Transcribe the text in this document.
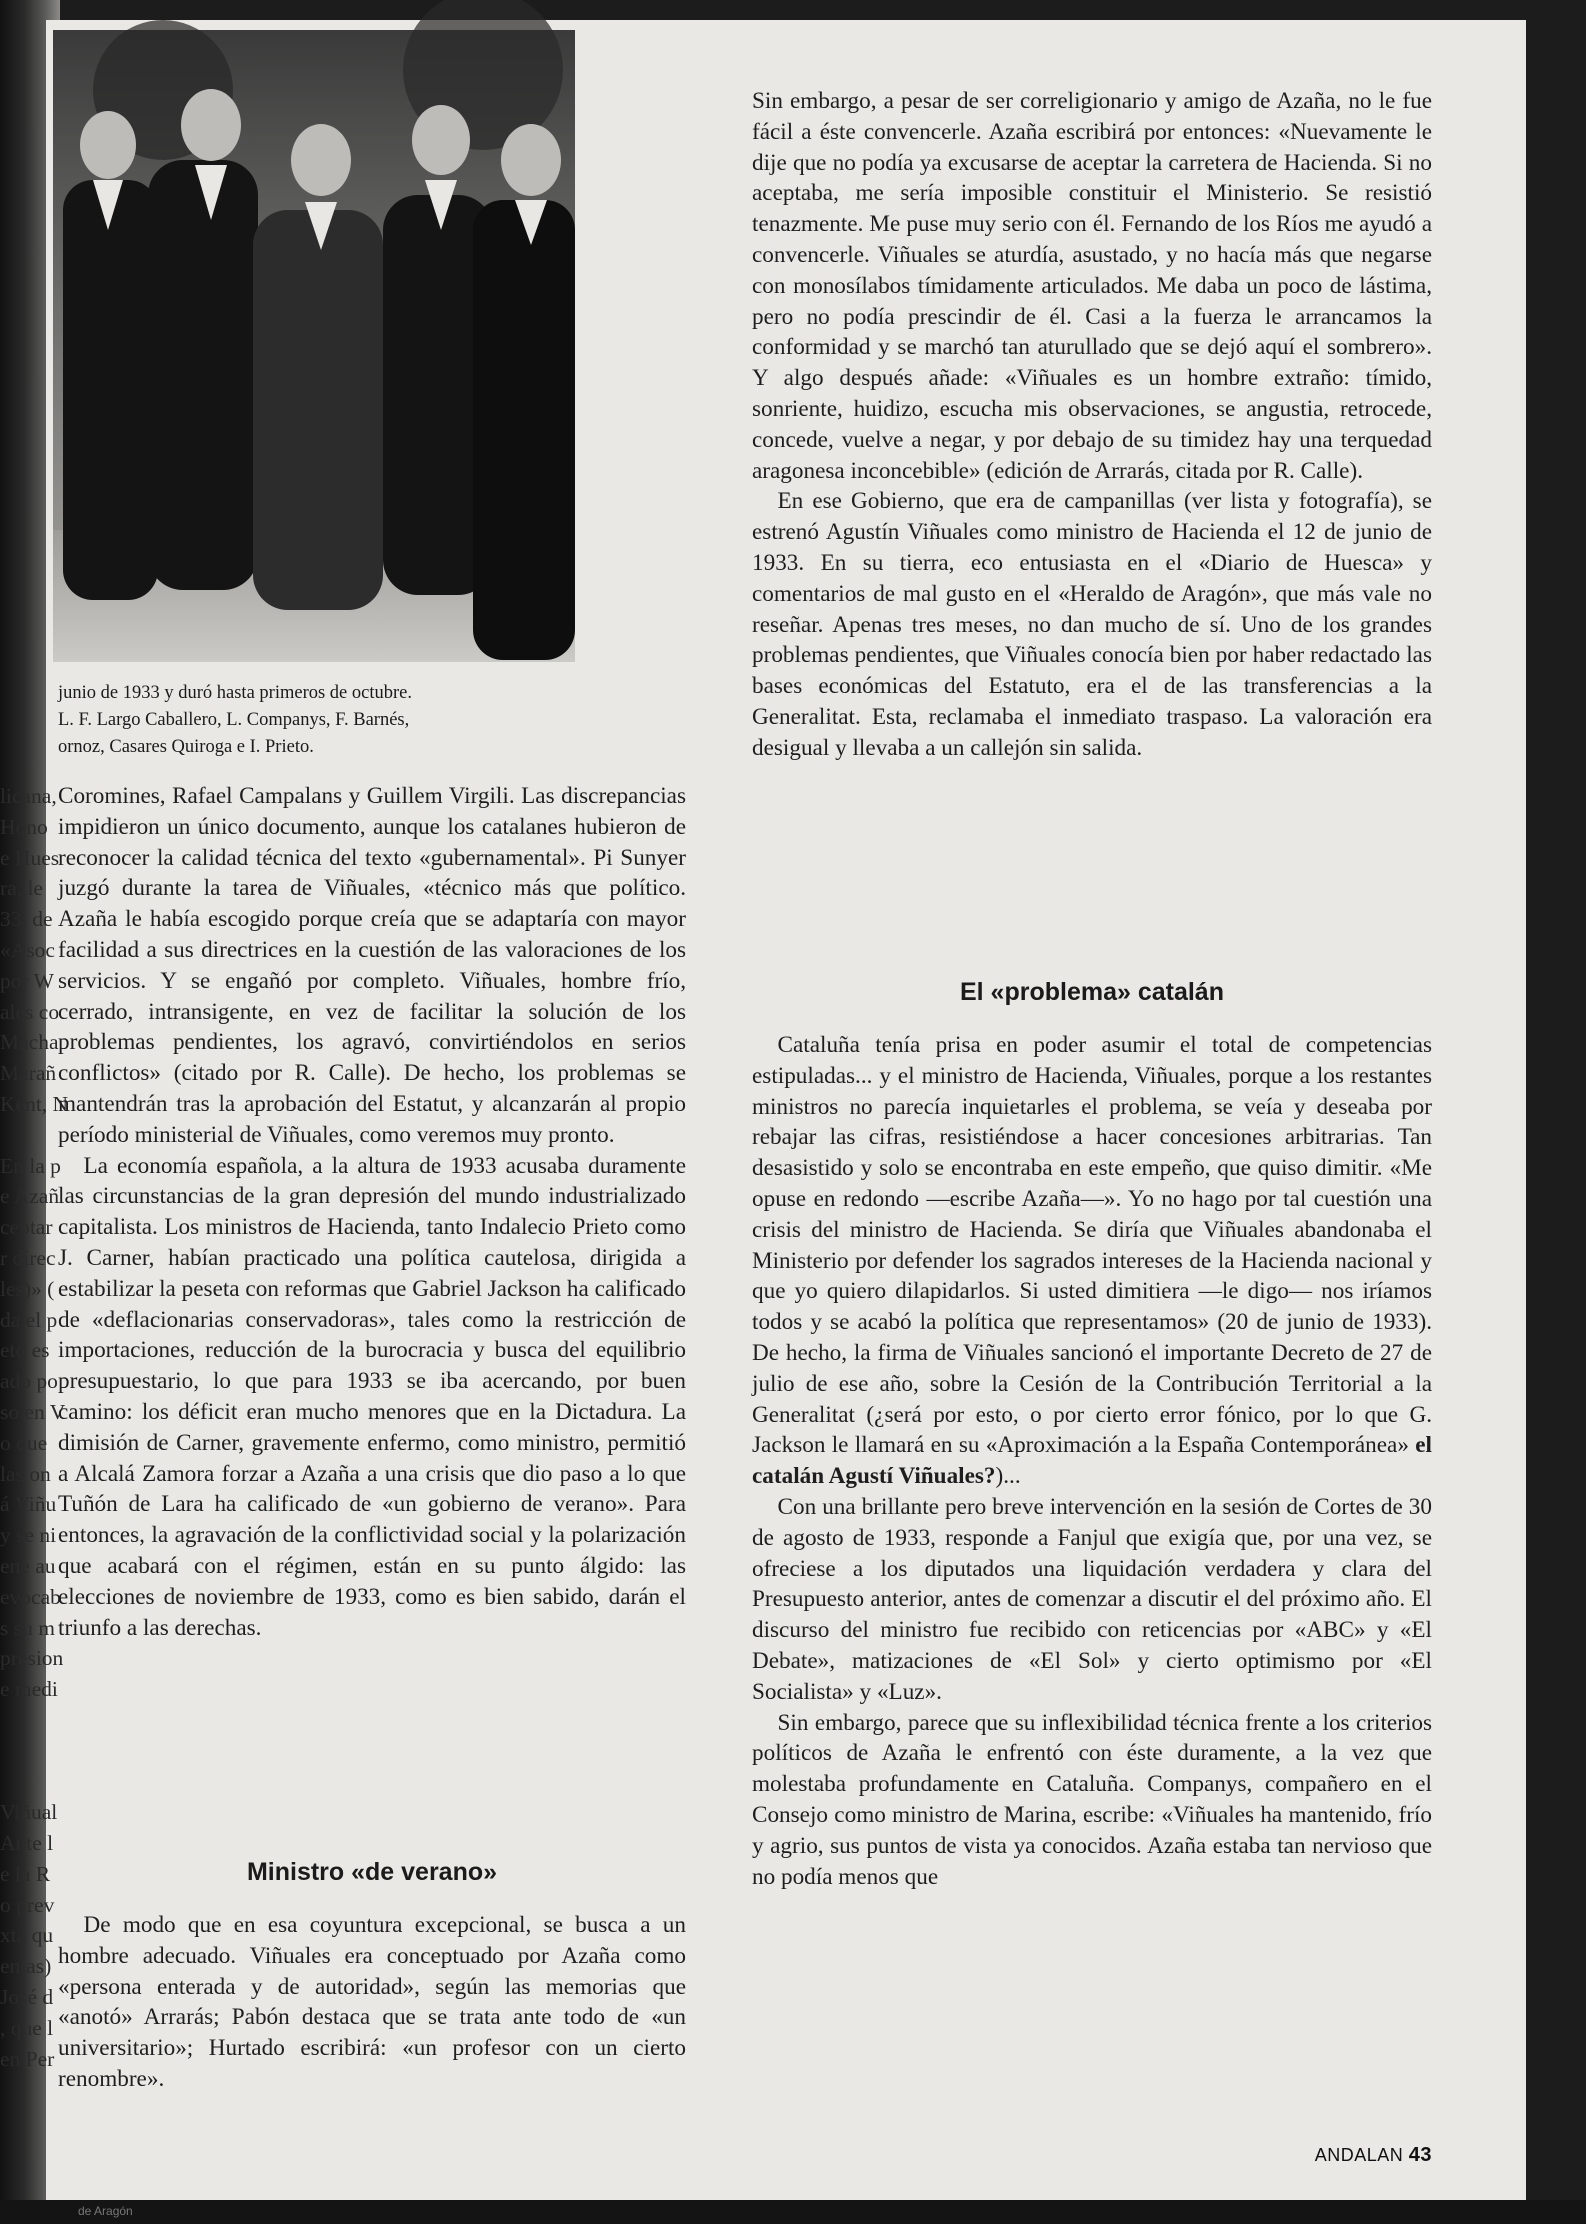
licana,
Hono
e Hues
ra, le
33, de
«Asoc
por W
ales co
Macha
Marañ
Kent, N
En la p
e Azañ
ceptar
r direc
les)» (
da el p
eto es
ado po
so en V
o que
las on
á Viñu
y se ni
ene au
evocab
s su m
presion
e medi
Viñual
Ante l
e la R
o prev
xta qu
entas)
José d
, que l
en Per
junio de 1933 y duró hasta primeros de octubre.
L. F. Largo Caballero, L. Companys, F. Barnés,
ornoz, Casares Quiroga e I. Prieto.

Coromines, Rafael Campalans y Guillem Virgili. Las discrepancias impidieron un único documento, aunque los catalanes hubieron de reconocer la calidad técnica del texto «gubernamental». Pi Sunyer juzgó durante la tarea de Viñuales, «técnico más que político. Azaña le había escogido porque creía que se adaptaría con mayor facilidad a sus directrices en la cuestión de las valoraciones de los servicios. Y se engañó por completo. Viñuales, hombre frío, cerrado, intransigente, en vez de facilitar la solución de los problemas pendientes, los agravó, convirtiéndolos en serios conflictos» (citado por R. Calle). De hecho, los problemas se mantendrán tras la aprobación del Estatut, y alcanzarán al propio período ministerial de Viñuales, como veremos muy pronto.

La economía española, a la altura de 1933 acusaba duramente las circunstancias de la gran depresión del mundo industrializado capitalista. Los ministros de Hacienda, tanto Indalecio Prieto como J. Carner, habían practicado una política cautelosa, dirigida a estabilizar la peseta con reformas que Gabriel Jackson ha calificado de «deflacionarias conservadoras», tales como la restricción de importaciones, reducción de la burocracia y busca del equilibrio presupuestario, lo que para 1933 se iba acercando, por buen camino: los déficit eran mucho menores que en la Dictadura. La dimisión de Carner, gravemente enfermo, como ministro, permitió a Alcalá Zamora forzar a Azaña a una crisis que dio paso a lo que Tuñón de Lara ha calificado de «un gobierno de verano». Para entonces, la agravación de la conflictividad social y la polarización que acabará con el régimen, están en su punto álgido: las elecciones de noviembre de 1933, como es bien sabido, darán el triunfo a las derechas.

Ministro «de verano»

De modo que en esa coyuntura excepcional, se busca a un hombre adecuado. Viñuales era conceptuado por Azaña como «persona enterada y de autoridad», según las memorias que «anotó» Arrarás; Pabón destaca que se trata ante todo de «un universitario»; Hurtado escribirá: «un profesor con un cierto renombre».

Sin embargo, a pesar de ser correligionario y amigo de Azaña, no le fue fácil a éste convencerle. Azaña escribirá por entonces: «Nuevamente le dije que no podía ya excusarse de aceptar la carretera de Hacienda. Si no aceptaba, me sería imposible constituir el Ministerio. Se resistió tenazmente. Me puse muy serio con él. Fernando de los Ríos me ayudó a convencerle. Viñuales se aturdía, asustado, y no hacía más que negarse con monosílabos tímidamente articulados. Me daba un poco de lástima, pero no podía prescindir de él. Casi a la fuerza le arrancamos la conformidad y se marchó tan aturullado que se dejó aquí el sombrero». Y algo después añade: «Viñuales es un hombre extraño: tímido, sonriente, huidizo, escucha mis observaciones, se angustia, retrocede, concede, vuelve a negar, y por debajo de su timidez hay una terquedad aragonesa inconcebible» (edición de Arrarás, citada por R. Calle).

En ese Gobierno, que era de campanillas (ver lista y fotografía), se estrenó Agustín Viñuales como ministro de Hacienda el 12 de junio de 1933. En su tierra, eco entusiasta en el «Diario de Huesca» y comentarios de mal gusto en el «Heraldo de Aragón», que más vale no reseñar. Apenas tres meses, no dan mucho de sí. Uno de los grandes problemas pendientes, que Viñuales conocía bien por haber redactado las bases económicas del Estatuto, era el de las transferencias a la Generalitat. Esta, reclamaba el inmediato traspaso. La valoración era desigual y llevaba a un callejón sin salida.

El «problema» catalán

Cataluña tenía prisa en poder asumir el total de competencias estipuladas... y el ministro de Hacienda, Viñuales, porque a los restantes ministros no parecía inquietarles el problema, se veía y deseaba por rebajar las cifras, resistiéndose a hacer concesiones arbitrarias. Tan desasistido y solo se encontraba en este empeño, que quiso dimitir. «Me opuse en redondo —escribe Azaña—». Yo no hago por tal cuestión una crisis del ministro de Hacienda. Se diría que Viñuales abandonaba el Ministerio por defender los sagrados intereses de la Hacienda nacional y que yo quiero dilapidarlos. Si usted dimitiera —le digo— nos iríamos todos y se acabó la política que representamos» (20 de junio de 1933). De hecho, la firma de Viñuales sancionó el importante Decreto de 27 de julio de ese año, sobre la Cesión de la Contribución Territorial a la Generalitat (¿será por esto, o por cierto error fónico, por lo que G. Jackson le llamará en su «Aproximación a la España Contemporánea» el catalán Agustí Viñuales?)...

Con una brillante pero breve intervención en la sesión de Cortes de 30 de agosto de 1933, responde a Fanjul que exigía que, por una vez, se ofreciese a los diputados una liquidación verdadera y clara del Presupuesto anterior, antes de comenzar a discutir el del próximo año. El discurso del ministro fue recibido con reticencias por «ABC» y «El Debate», matizaciones de «El Sol» y cierto optimismo por «El Socialista» y «Luz».

Sin embargo, parece que su inflexibilidad técnica frente a los criterios políticos de Azaña le enfrentó con éste duramente, a la vez que molestaba profundamente en Cataluña. Companys, compañero en el Consejo como ministro de Marina, escribe: «Viñuales ha mantenido, frío y agrio, sus puntos de vista ya conocidos. Azaña estaba tan nervioso que no podía menos que

ANDALAN 43
de Aragón
